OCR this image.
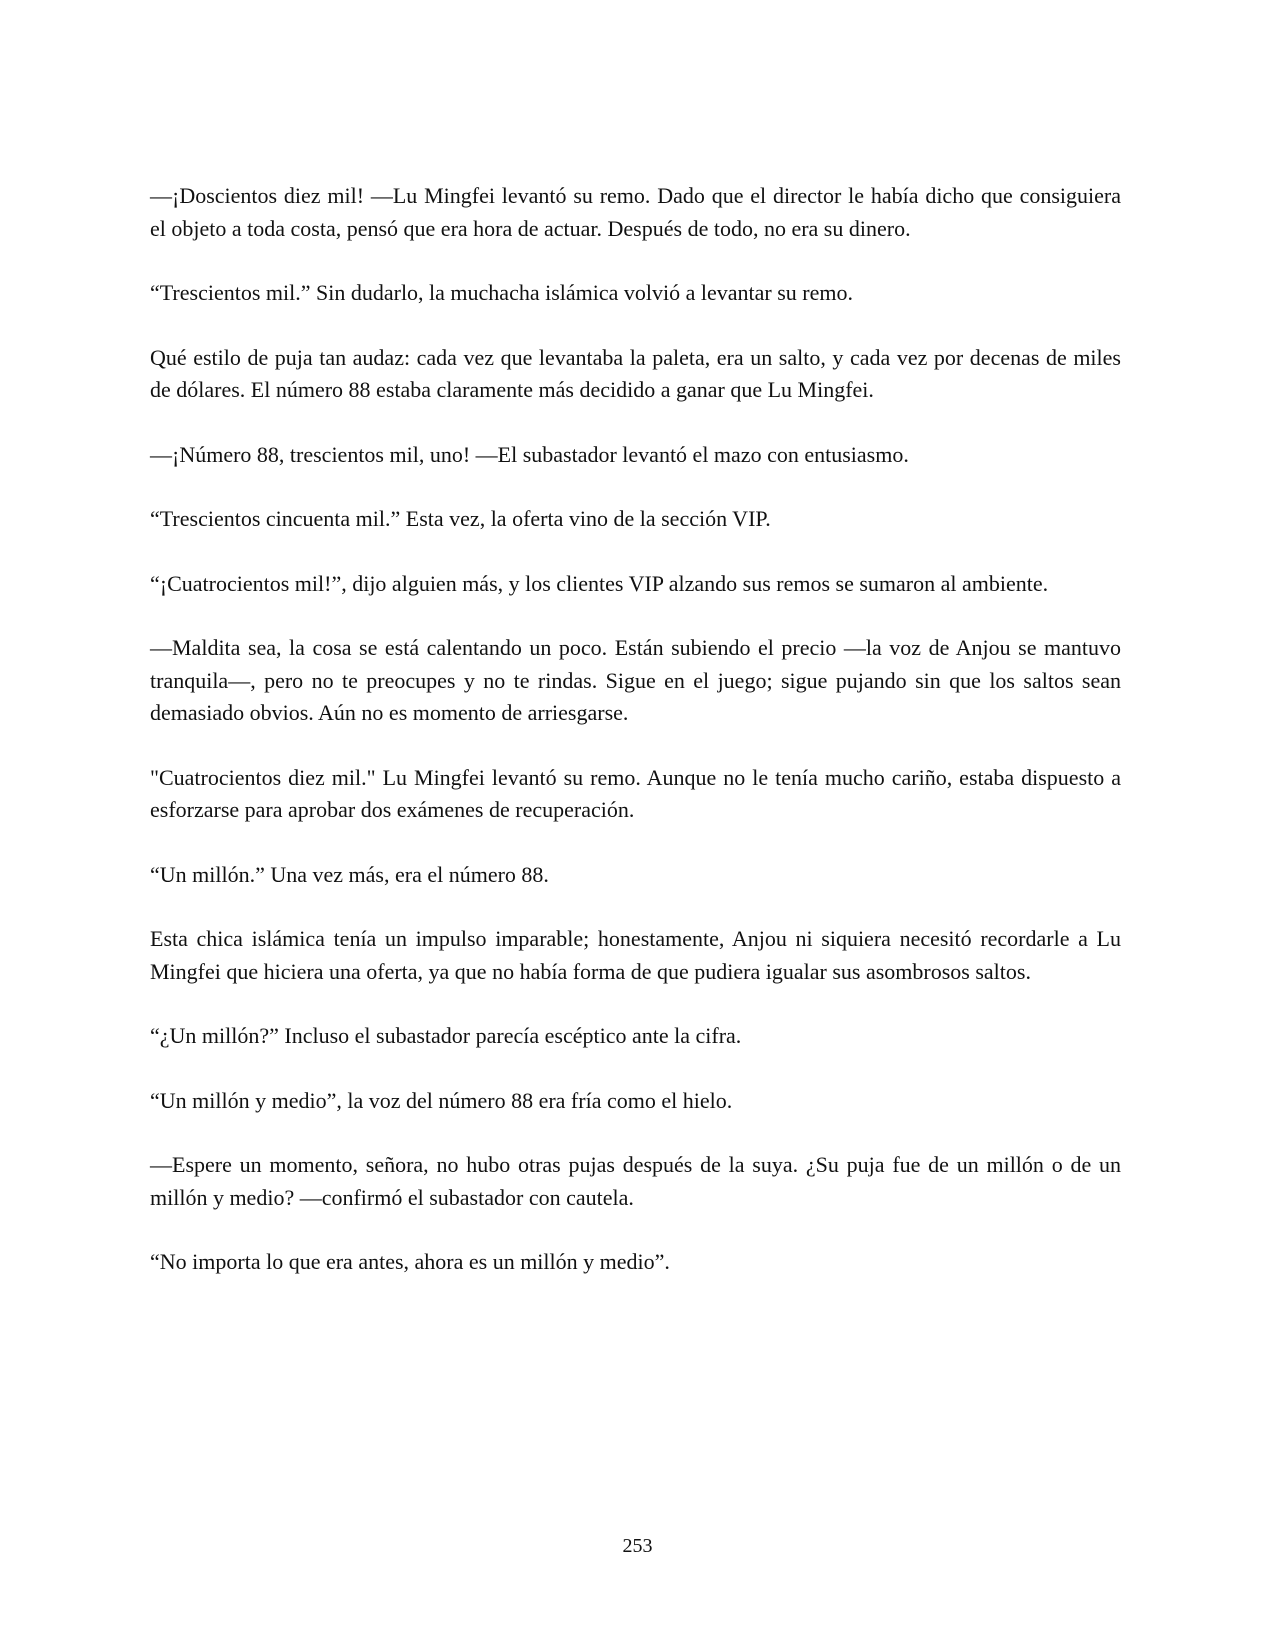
—¡Doscientos diez mil! —Lu Mingfei levantó su remo. Dado que el director le había dicho que consiguiera el objeto a toda costa, pensó que era hora de actuar. Después de todo, no era su dinero.

“Trescientos mil.” Sin dudarlo, la muchacha islámica volvió a levantar su remo.

Qué estilo de puja tan audaz: cada vez que levantaba la paleta, era un salto, y cada vez por decenas de miles de dólares. El número 88 estaba claramente más decidido a ganar que Lu Mingfei.

—¡Número 88, trescientos mil, uno! —El subastador levantó el mazo con entusiasmo.

“Trescientos cincuenta mil.” Esta vez, la oferta vino de la sección VIP.

“¡Cuatrocientos mil!”, dijo alguien más, y los clientes VIP alzando sus remos se sumaron al ambiente.

—Maldita sea, la cosa se está calentando un poco. Están subiendo el precio —la voz de Anjou se mantuvo tranquila—, pero no te preocupes y no te rindas. Sigue en el juego; sigue pujando sin que los saltos sean demasiado obvios. Aún no es momento de arriesgarse.

"Cuatrocientos diez mil." Lu Mingfei levantó su remo. Aunque no le tenía mucho cariño, estaba dispuesto a esforzarse para aprobar dos exámenes de recuperación.

“Un millón.” Una vez más, era el número 88.

Esta chica islámica tenía un impulso imparable; honestamente, Anjou ni siquiera necesitó recordarle a Lu Mingfei que hiciera una oferta, ya que no había forma de que pudiera igualar sus asombrosos saltos.

“¿Un millón?” Incluso el subastador parecía escéptico ante la cifra.

“Un millón y medio”, la voz del número 88 era fría como el hielo.

—Espere un momento, señora, no hubo otras pujas después de la suya. ¿Su puja fue de un millón o de un millón y medio? —confirmó el subastador con cautela.

“No importa lo que era antes, ahora es un millón y medio”.

253
